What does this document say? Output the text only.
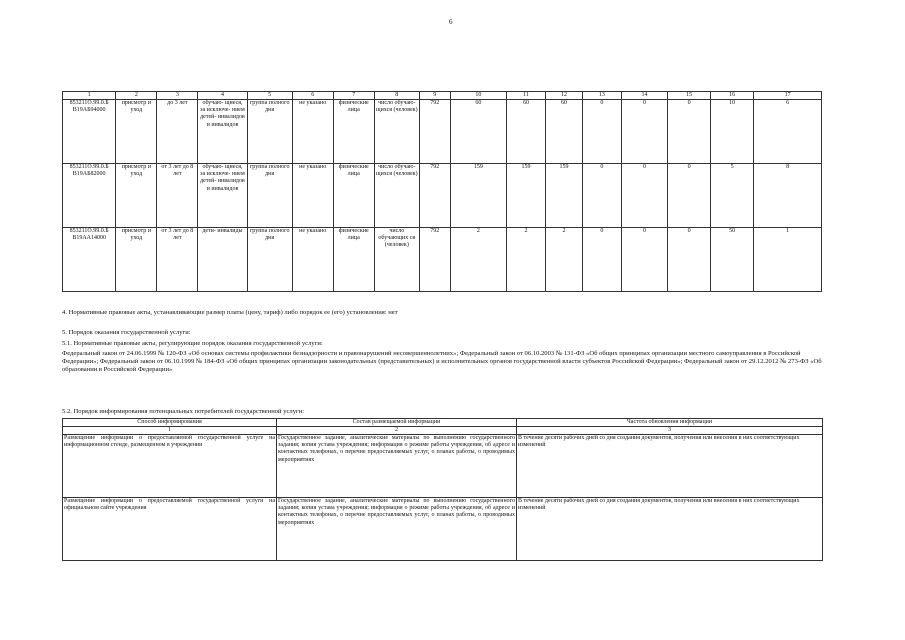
6
1	2	3	4	5	6	7	8	9	10	11	12	13	14	15	16	17
853211О.99.0.Б В19АБ94000	присмотр и уход	до 3 лет	обучаю- щиеся, за исключе- нием детей- инвалидов и инвалидов	группа полного дня	не указано	физические лица	число обучаю- щихся (человек)	792	60	60	60	0	0	0	10	6
853211О.99.0.Б В19АБ82000	присмотр и уход	от 3 лет до 8 лет	обучаю- щиеся, за исключе- нием детей- инвалидов и инвалидов	группа полного дня	не указано	физические лица	число обучаю- щихся (человек)	792	159	159	159	0	0	0	5	8
853211О.99.0.Б В19АА14000	присмотр и уход	от 3 лет до 8 лет	дети- инвалиды	группа полного дня	не указано	физические лица	число обучающих ся (человек)	792	2	2	2	0	0	0	50	1
4. Нормативные правовые акты, устанавливающие размер платы (цену, тариф) либо порядок ее (его) установления: нет
5. Порядок оказания государственной услуги:
5.1. Нормативные правовые акты, регулирующие порядок оказания государственной услуги:
Федеральный закон от 24.06.1999 № 120-ФЗ «Об основах системы профилактики безнадзорности и правонарушений несовершеннолетних»; Федеральный закон от 06.10.2003 № 131-ФЗ «Об общих принципах организации местного самоуправления в Российской Федерации»; Федеральный закон от 06.10.1999 № 184-ФЗ «Об общих принципах организации законодательных (представительных) и исполнительных органов государственной власти субъектов Российской Федерации»; Федеральный закон от 29.12.2012 № 273-ФЗ «Об образовании в Российской Федерации»
5.2. Порядок информирования потенциальных потребителей государственной услуги:
Способ информирования	Состав размещаемой информации	Частота обновления информации
1	2	3
Размещение информации о предоставляемой государственной услуге на информационном стенде, размещенном в учреждении	Государственное задание, аналитические материалы по выполнению государственного задания; копия устава учреждения; информация о режиме работы учреждения, об адресе и контактных телефонах, о перечне предоставляемых услуг, о планах работы, о проводимых мероприятиях	В течение десяти рабочих дней со дня создания документов, получения или внесения в них соответствующих изменений
Размещение информации о предоставляемой государственной услуги на официальном сайте учреждения	Государственное задание, аналитические материалы по выполнению государственного задания; копия устава учреждения; информация о режиме работы учреждения, об адресе и контактных телефонах, о перечне предоставляемых услуг, о планах работы, о проводимых мероприятиях	В течение десяти рабочих дней со дня создания документов, получения или внесения в них соответствующих изменений
